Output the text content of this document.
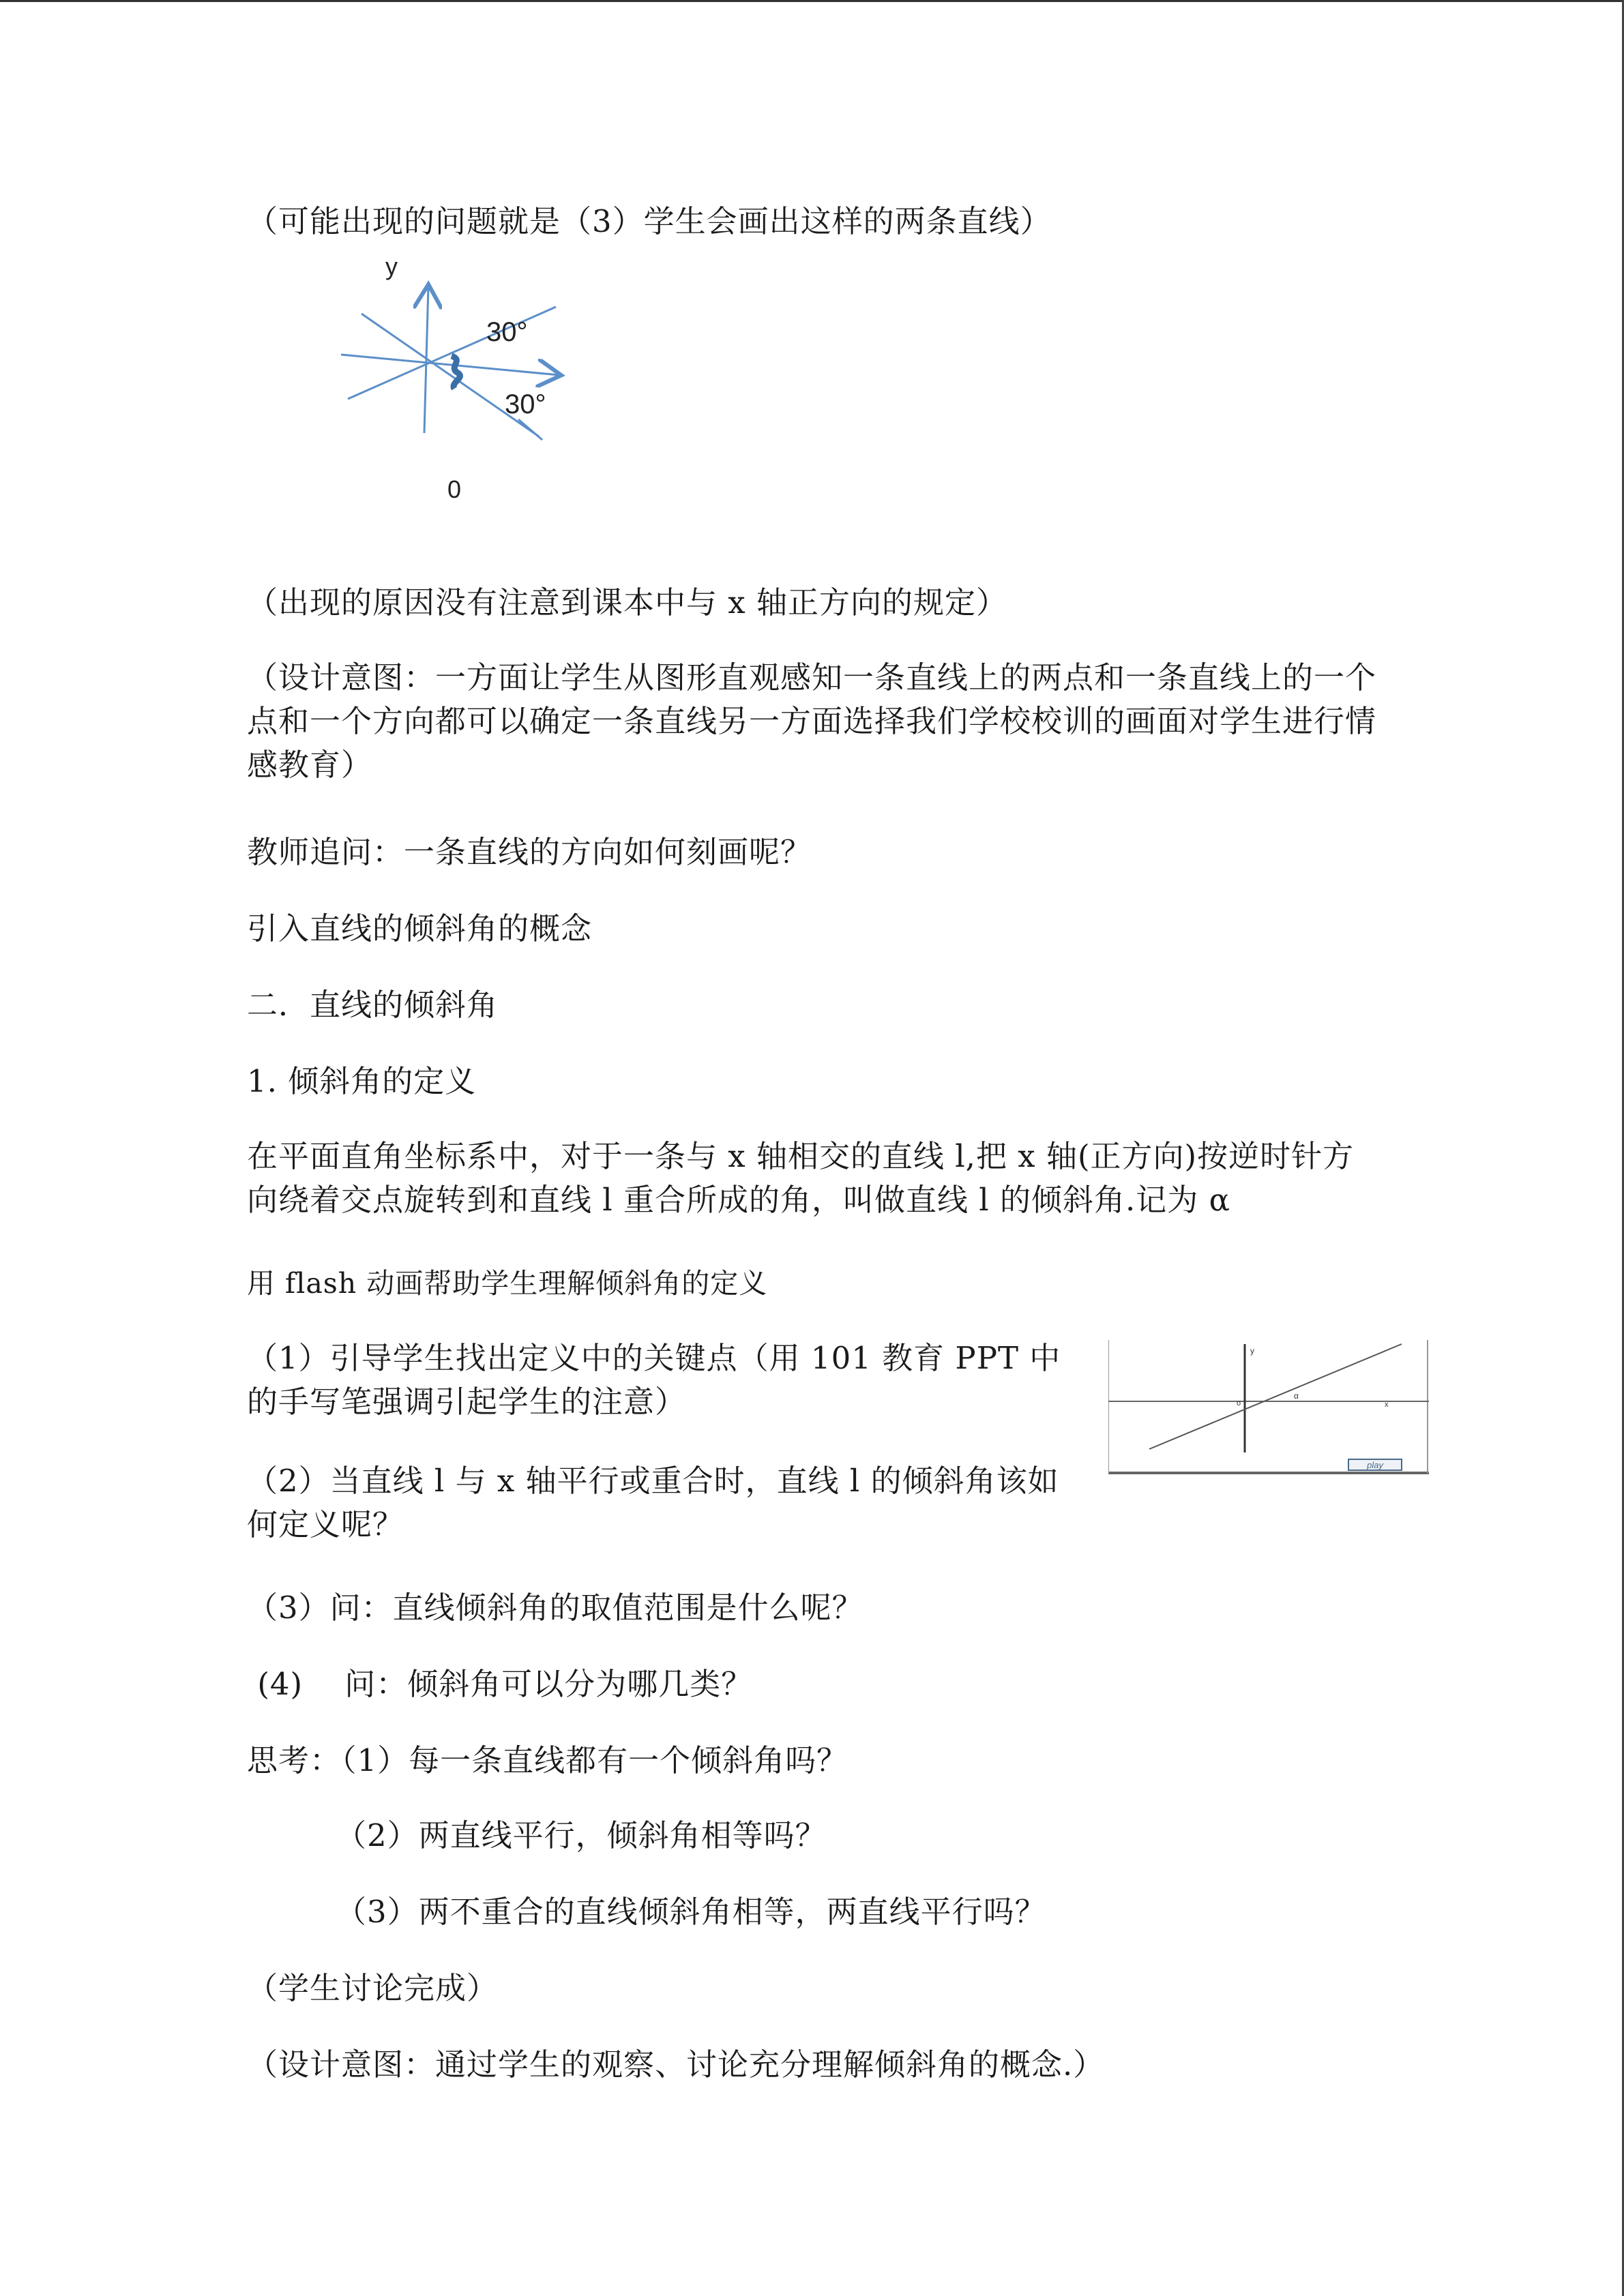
（可能出现的问题就是（3）学生会画出这样的两条直线）
30°
30°
y
0
（出现的原因没有注意到课本中与 x 轴正方向的规定）
（设计意图：一方面让学生从图形直观感知一条直线上的两点和一条直线上的一个点和一个方向都可以确定一条直线另一方面选择我们学校校训的画面对学生进行情感教育）
教师追问：一条直线的方向如何刻画呢？
引入直线的倾斜角的概念
二．直线的倾斜角
1. 倾斜角的定义
在平面直角坐标系中，对于一条与 x 轴相交的直线 l,把 x 轴(正方向)按逆时针方向绕着交点旋转到和直线 l 重合所成的角，叫做直线 l 的倾斜角.记为 α
用 flash 动画帮助学生理解倾斜角的定义
（1）引导学生找出定义中的关键点（用 101 教育 PPT 中的手写笔强调引起学生的注意）
y
α
o	x
play
（2）当直线 l 与 x 轴平行或重合时，直线 l 的倾斜角该如何定义呢？
（3）问：直线倾斜角的取值范围是什么呢？
(4)    问：倾斜角可以分为哪几类？
思考：（1）每一条直线都有一个倾斜角吗？
（2）两直线平行，倾斜角相等吗？
（3）两不重合的直线倾斜角相等，两直线平行吗？
（学生讨论完成）
（设计意图：通过学生的观察、讨论充分理解倾斜角的概念.）
